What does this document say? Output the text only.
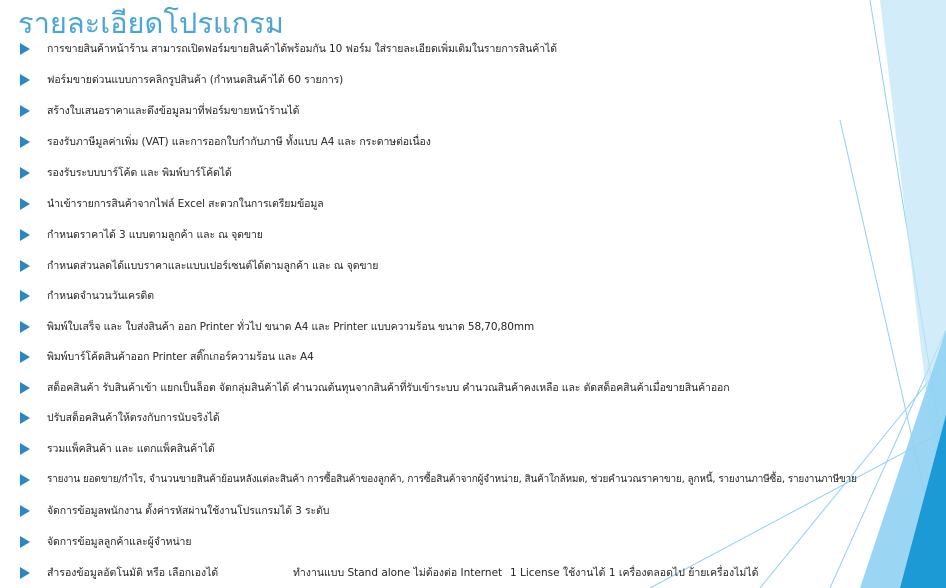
รายละเอียดโปรแกรม
การขายสินค้าหน้าร้าน สามารถเปิดฟอร์มขายสินค้าได้พร้อมกัน 10 ฟอร์ม ใส่รายละเอียดเพิ่มเติมในรายการสินค้าได้
ฟอร์มขายด่วนแบบการคลิกรูปสินค้า (กำหนดสินค้าได้ 60 รายการ)
สร้างใบเสนอราคาและดึงข้อมูลมาที่ฟอร์มขายหน้าร้านได้
รองรับภาษีมูลค่าเพิ่ม (VAT) และการออกใบกำกับภาษี ทั้งแบบ A4 และ กระดาษต่อเนื่อง
รองรับระบบบาร์โค้ด และ พิมพ์บาร์โค้ดได้
นำเข้ารายการสินค้าจากไฟล์ Excel สะดวกในการเตรียมข้อมูล
กำหนดราคาได้ 3 แบบตามลูกค้า และ ณ จุดขาย
กำหนดส่วนลดได้แบบราคาและแบบเปอร์เซนต์ได้ตามลูกค้า และ ณ จุดขาย
กำหนดจำนวนวันเครดิต
พิมพ์ใบเสร็จ และ ใบส่งสินค้า ออก Printer ทั่วไป ขนาด A4 และ Printer แบบความร้อน ขนาด 58,70,80mm
พิมพ์บาร์โค้ดสินค้าออก Printer สติ๊กเกอร์ความร้อน และ A4
สต็อคสินค้า รับสินค้าเข้า แยกเป็นล็อต จัดกลุ่มสินค้าได้ คำนวณต้นทุนจากสินค้าที่รับเข้าระบบ คำนวณสินค้าคงเหลือ และ ตัดสต็อคสินค้าเมื่อขายสินค้าออก
ปรับสต็อคสินค้าให้ตรงกับการนับจริงได้
รวมแพ็คสินค้า และ แตกแพ็คสินค้าได้
รายงาน ยอดขาย/กำไร, จำนวนขายสินค้าย้อนหลังแต่ละสินค้า การซื้อสินค้าของลูกค้า, การซื้อสินค้าจากผู้จำหน่าย, สินค้าใกล้หมด, ช่วยคำนวณราคาขาย, ลูกหนี้, รายงานภาษีซื้อ, รายงานภาษีขาย
จัดการข้อมูลพนักงาน ตั้งค่ารหัสผ่านใช้งานโปรแกรมได้ 3 ระดับ
จัดการข้อมูลลูกค้าและผู้จำหน่าย
สำรองข้อมูลอัตโนมัติ หรือ เลือกเองได้	ทำงานแบบ Stand alone ไม่ต้องต่อ Internet 1 License ใช้งานได้ 1 เครื่องตลอดไป ย้ายเครื่องไม่ได้
